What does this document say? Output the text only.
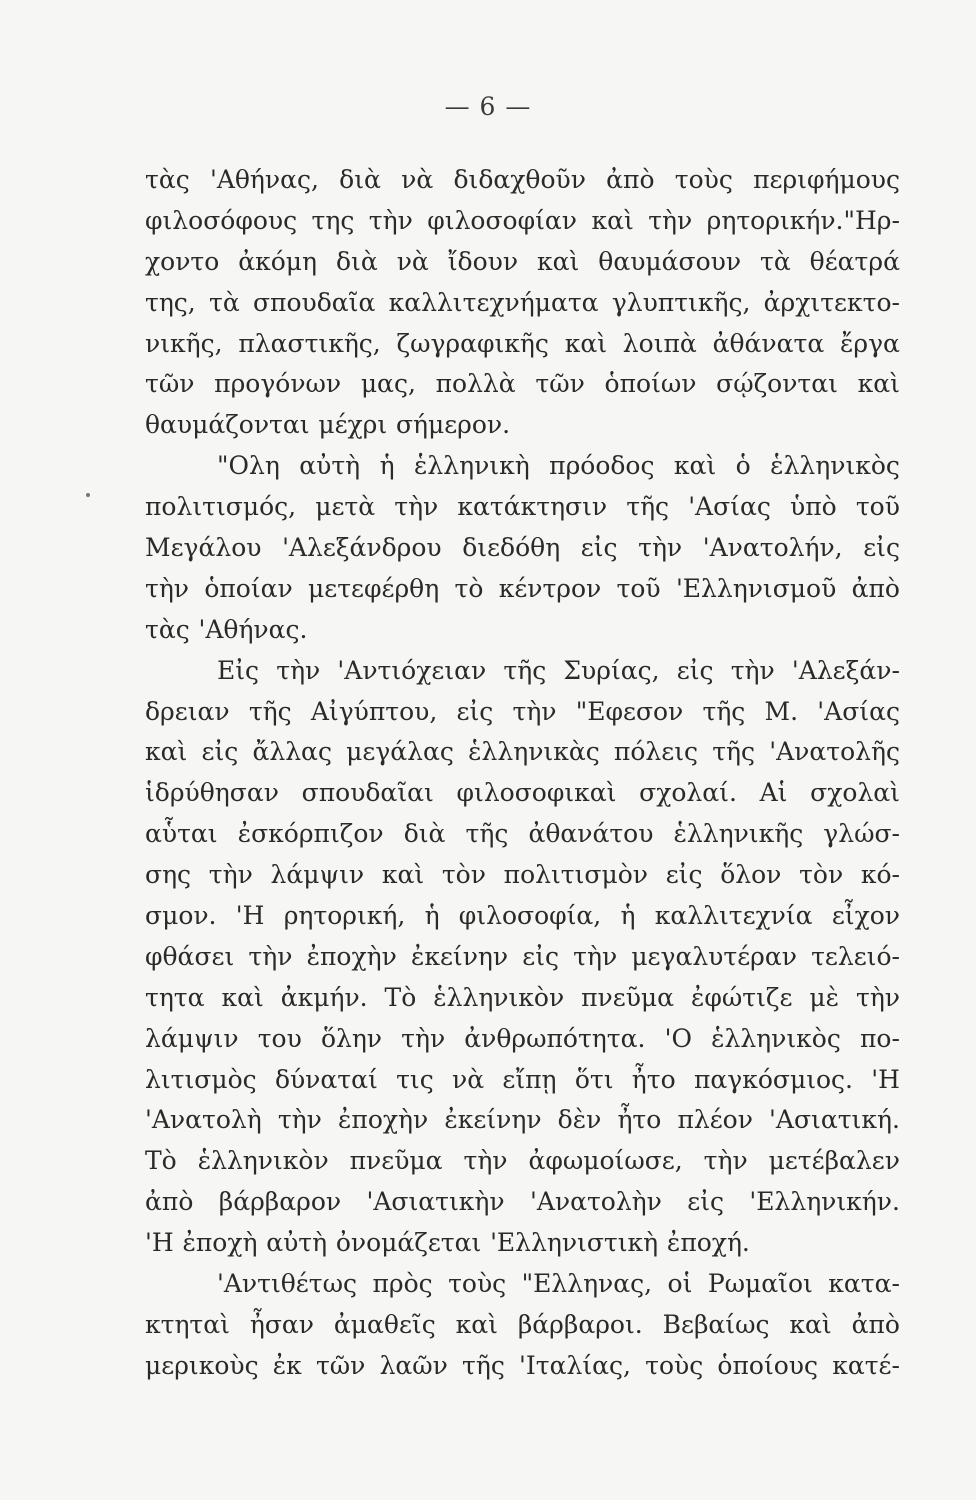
— 6 —
τὰς 'Αθήνας, διὰ νὰ διδαχθοῦν ἀπὸ τοὺς περιφήμους
φιλοσόφους της τὴν φιλοσοφίαν καὶ τὴν ρητορικήν."Ηρ-
χοντο ἀκόμη διὰ νὰ ἴδουν καὶ θαυμάσουν τὰ θέατρά
της, τὰ σπουδαῖα καλλιτεχνήματα γλυπτικῆς, ἀρχιτεκτο-
νικῆς, πλαστικῆς, ζωγραφικῆς καὶ λοιπὰ ἀθάνατα ἔργα
τῶν προγόνων μας, πολλὰ τῶν ὁποίων σῴζονται καὶ
θαυμάζονται μέχρι σήμερον.
"Ολη αὐτὴ ἡ ἑλληνικὴ πρόοδος καὶ ὁ ἑλληνικὸς
πολιτισμός, μετὰ τὴν κατάκτησιν τῆς 'Ασίας ὑπὸ τοῦ
Μεγάλου 'Αλεξάνδρου διεδόθη εἰς τὴν 'Ανατολήν, εἰς
τὴν ὁποίαν μετεφέρθη τὸ κέντρον τοῦ 'Ελληνισμοῦ ἀπὸ
τὰς 'Αθήνας.
Εἰς τὴν 'Αντιόχειαν τῆς Συρίας, εἰς τὴν 'Αλεξάν-
δρειαν τῆς Αἰγύπτου, εἰς τὴν "Εφεσον τῆς Μ. 'Ασίας
καὶ εἰς ἄλλας μεγάλας ἑλληνικὰς πόλεις τῆς 'Ανατολῆς
ἱδρύθησαν σπουδαῖαι φιλοσοφικαὶ σχολαί. Αἱ σχολαὶ
αὗται ἐσκόρπιζον διὰ τῆς ἀθανάτου ἑλληνικῆς γλώσ-
σης τὴν λάμψιν καὶ τὸν πολιτισμὸν εἰς ὅλον τὸν κό-
σμον. 'Η ρητορική, ἡ φιλοσοφία, ἡ καλλιτεχνία εἶχον
φθάσει τὴν ἐποχὴν ἐκείνην εἰς τὴν μεγαλυτέραν τελειό-
τητα καὶ ἀκμήν. Τὸ ἑλληνικὸν πνεῦμα ἐφώτιζε μὲ τὴν
λάμψιν του ὅλην τὴν ἀνθρωπότητα. 'Ο ἑλληνικὸς πο-
λιτισμὸς δύναταί τις νὰ εἴπῃ ὅτι ἦτο παγκόσμιος. 'Η
'Ανατολὴ τὴν ἐποχὴν ἐκείνην δὲν ἦτο πλέον 'Ασιατική.
Τὸ ἑλληνικὸν πνεῦμα τὴν ἀφωμοίωσε, τὴν μετέβαλεν
ἀπὸ βάρβαρον 'Ασιατικὴν 'Ανατολὴν εἰς 'Ελληνικήν.
'Η ἐποχὴ αὐτὴ ὀνομάζεται 'Ελληνιστικὴ ἐποχή.
'Αντιθέτως πρὸς τοὺς "Ελληνας, οἱ Ρωμαῖοι κατα-
κτηταὶ ἦσαν ἀμαθεῖς καὶ βάρβαροι. Βεβαίως καὶ ἀπὸ
μερικοὺς ἐκ τῶν λαῶν τῆς 'Ιταλίας, τοὺς ὁποίους κατέ-
